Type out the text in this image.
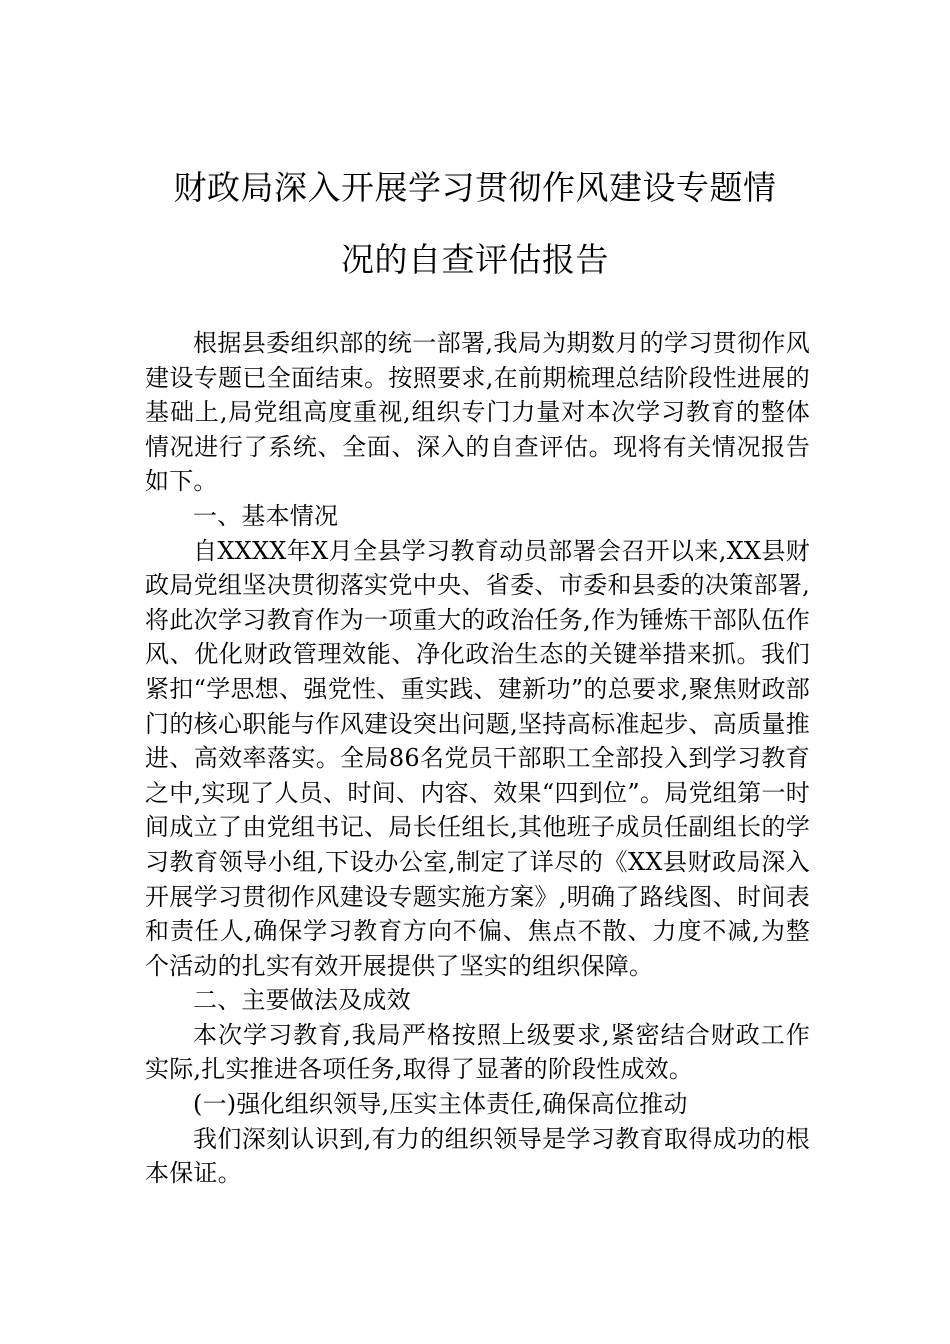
财政局深入开展学习贯彻作风建设专题情
况的自查评估报告

根据县委组织部的统一部署,我局为期数月的学习贯彻作风建设专题已全面结束。按照要求,在前期梳理总结阶段性进展的基础上,局党组高度重视,组织专门力量对本次学习教育的整体情况进行了系统、全面、深入的自查评估。现将有关情况报告如下。

一、基本情况

自XXXX年X月全县学习教育动员部署会召开以来,XX县财政局党组坚决贯彻落实党中央、省委、市委和县委的决策部署,将此次学习教育作为一项重大的政治任务,作为锤炼干部队伍作风、优化财政管理效能、净化政治生态的关键举措来抓。我们紧扣“学思想、强党性、重实践、建新功”的总要求,聚焦财政部门的核心职能与作风建设突出问题,坚持高标准起步、高质量推进、高效率落实。全局86名党员干部职工全部投入到学习教育之中,实现了人员、时间、内容、效果“四到位”。局党组第一时间成立了由党组书记、局长任组长,其他班子成员任副组长的学习教育领导小组,下设办公室,制定了详尽的《XX县财政局深入开展学习贯彻作风建设专题实施方案》,明确了路线图、时间表和责任人,确保学习教育方向不偏、焦点不散、力度不减,为整个活动的扎实有效开展提供了坚实的组织保障。

二、主要做法及成效

本次学习教育,我局严格按照上级要求,紧密结合财政工作实际,扎实推进各项任务,取得了显著的阶段性成效。

(一)强化组织领导,压实主体责任,确保高位推动

我们深刻认识到,有力的组织领导是学习教育取得成功的根本保证。
